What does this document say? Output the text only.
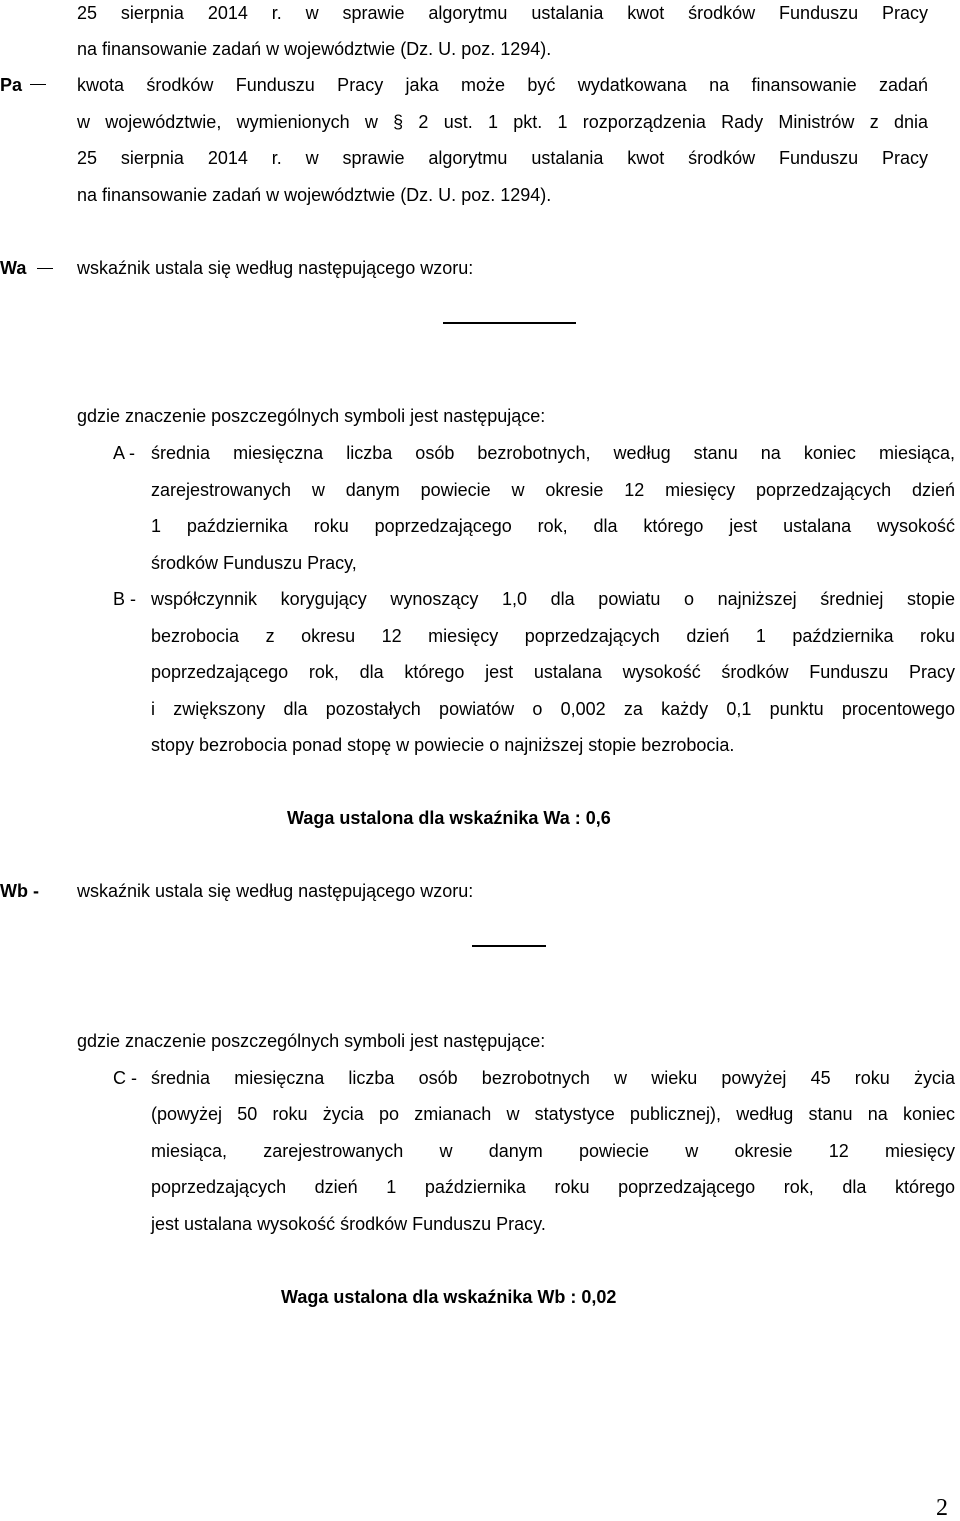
25 sierpnia 2014 r. w sprawie algorytmu ustalania kwot środków Funduszu Pracy
na finansowanie zadań w województwie (Dz. U. poz. 1294).
Pa	kwota środków Funduszu Pracy jaka może być wydatkowana na finansowanie zadań
w województwie, wymienionych w § 2 ust. 1 pkt. 1 rozporządzenia Rady Ministrów z dnia
25 sierpnia 2014 r. w sprawie algorytmu ustalania kwot środków Funduszu Pracy
na finansowanie zadań w województwie (Dz. U. poz. 1294).
Wa	wskaźnik ustala się według następującego wzoru:
gdzie znaczenie poszczególnych symboli jest następujące:
A - średnia miesięczna liczba osób bezrobotnych, według stanu na koniec miesiąca,
zarejestrowanych w danym powiecie w okresie 12 miesięcy poprzedzających dzień
1 października roku poprzedzającego rok, dla którego jest ustalana wysokość
środków Funduszu Pracy,
B - współczynnik korygujący wynoszący 1,0 dla powiatu o najniższej średniej stopie
bezrobocia z okresu 12 miesięcy poprzedzających dzień 1 października roku
poprzedzającego rok, dla którego jest ustalana wysokość środków Funduszu Pracy
i zwiększony dla pozostałych powiatów o 0,002 za każdy 0,1 punktu procentowego
stopy bezrobocia ponad stopę w powiecie o najniższej stopie bezrobocia.
Waga ustalona dla wskaźnika Wa : 0,6
Wb - wskaźnik ustala się według następującego wzoru:
gdzie znaczenie poszczególnych symboli jest następujące:
C - średnia miesięczna liczba osób bezrobotnych w wieku powyżej 45 roku życia
(powyżej 50 roku życia po zmianach w statystyce publicznej), według stanu na koniec
miesiąca, zarejestrowanych w danym powiecie w okresie 12 miesięcy
poprzedzających dzień 1 października roku poprzedzającego rok, dla którego
jest ustalana wysokość środków Funduszu Pracy.
Waga ustalona dla wskaźnika Wb : 0,02
2
